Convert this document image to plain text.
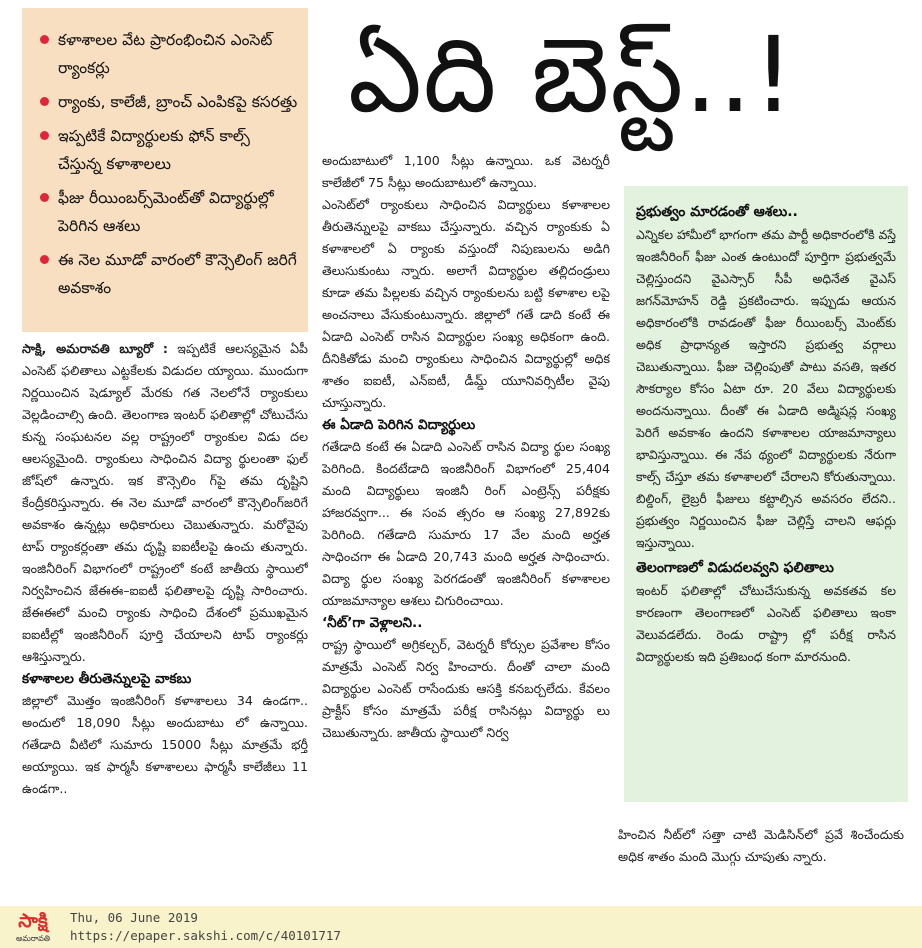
కళాశాలల వేట ప్రారంభించిన ఎంసెట్ ర్యాంకర్లు
ర్యాంకు, కాలేజీ, బ్రాంచ్ ఎంపికపై కసరత్తు
ఇప్పటికే విద్యార్థులకు ఫోన్ కాల్స్ చేస్తున్న కళాశాలలు
ఫీజు రీయింబర్స్‌మెంట్‌తో విద్యార్థుల్లో పెరిగిన ఆశలు
ఈ నెల మూడో వారంలో కౌన్సెలింగ్ జరిగే అవకాశం
ఏది బెస్ట్..!

సాక్షి, అమరావతి బ్యూరో : ఇప్పటికే ఆలస్యమైన ఏపీ ఎంసెట్ ఫలితాలు ఎట్టకేలకు విడుదల య్యాయి. ముందుగా నిర్ణయించిన షెడ్యూల్ మేరకు గత నెలలోనే ర్యాంకులు వెల్లడించాల్సి ఉంది. తెలంగాణ ఇంటర్ ఫలితాల్లో చోటుచేసు కున్న సంఘటనల వల్ల రాష్ట్రంలో ర్యాంకుల విడు దల ఆలస్యమైంది. ర్యాంకులు సాధించిన విద్యా ర్థులంతా ఫుల్ జోష్‌లో ఉన్నారు. ఇక కౌన్సెలిం గ్‌పై తమ దృష్టిని కేంద్రీకరిస్తున్నారు. ఈ నెల మూడో వారంలో కౌన్సెలింగ్‌జరిగే అవకాశం ఉన్నట్లు అధికారులు చెబుతున్నారు. మరోవైపు టాప్ ర్యాంకర్లంతా తమ దృష్టి ఐఐటీలపై ఉంచు తున్నారు. ఇంజినీరింగ్ విభాగంలో రాష్ట్రంలో కంటే జాతీయ స్థాయిలో నిర్వహించిన జేఈఈ–ఐఐటీ ఫలితాలపై దృష్టి సారించారు. జేఈఈలో మంచి ర్యాంకు సాధించి దేశంలో ప్రముఖమైన ఐఐటీల్లో ఇంజినీరింగ్ పూర్తి చేయాలని టాప్ ర్యాంకర్లు ఆశిస్తున్నారు.

కళాశాలల తీరుతెన్నులపై వాకబు

జిల్లాలో మొత్తం ఇంజినీరింగ్ కళాశాలలు 34 ఉండగా.. అందులో 18,090 సీట్లు అందుబాటు లో ఉన్నాయి. గతేడాది వీటిలో సుమారు 15000 సీట్లు మాత్రమే భర్తీ అయ్యాయి. ఇక ఫార్మసీ కళాశాలలు ఫార్మసీ కాలేజీలు 11 ఉండగా..

అందుబాటులో 1,100 సీట్లు ఉన్నాయి. ఒక వెటర్నరీ కాలేజీలో 75 సీట్లు అందుబాటులో ఉన్నాయి.

ఎంసెట్‌లో ర్యాంకులు సాధించిన విద్యార్థులు కళాశాలల తీరుతెన్నులపై వాకబు చేస్తున్నారు. వచ్చిన ర్యాంకుకు ఏ కళాశాలలో ఏ ర్యాంకు వస్తుందో నిపుణులను అడిగి తెలుసుకుంటు న్నారు. అలాగే విద్యార్థుల తల్లిదండ్రులు కూడా తమ పిల్లలకు వచ్చిన ర్యాంకులను బట్టి కళాశాల లపై అంచనాలు వేసుకుంటున్నారు. జిల్లాలో గతే డాది కంటే ఈ ఏడాది ఎంసెట్ రాసిన విద్యార్థుల సంఖ్య అధికంగా ఉంది. దీనికితోడు మంచి ర్యాంకులు సాధించిన విద్యార్థుల్లో అధిక శాతం ఐఐటీ, ఎన్ఐటీ, డీమ్డ్ యూనివర్సిటీల వైపు చూస్తున్నారు.

ఈ ఏడాది పెరిగిన విద్యార్థులు

గతేడాది కంటే ఈ ఏడాది ఎంసెట్ రాసిన విద్యా ర్థుల సంఖ్య పెరిగింది. కిందటేడాది ఇంజినీరింగ్ విభాగంలో 25,404 మంది విద్యార్థులు ఇంజినీ రింగ్ ఎంట్రెన్స్ పరీక్షకు హాజరవ్వగా... ఈ సంవ త్సరం ఆ సంఖ్య 27,892కు పెరిగింది. గతేడాది సుమారు 17 వేల మంది అర్హత సాధించగా ఈ ఏడాది 20,743 మంది అర్హత సాధించారు. విద్యా ర్థుల సంఖ్య పెరగడంతో ఇంజినీరింగ్ కళాశాలల యాజమాన్యాల ఆశలు చిగురించాయి.

‘నీట్’గా వెళ్లాలని..

రాష్ట్ర స్థాయిలో అగ్రికల్చర్, వెటర్నరీ కోర్సుల ప్రవేశాల కోసం మాత్రమే ఎంసెట్ నిర్వ హించారు. దీంతో చాలా మంది విద్యార్థుల ఎంసెట్ రాసేందుకు ఆసక్తి కనబర్చలేదు. కేవలం ప్రాక్టీస్ కోసం మాత్రమే పరీక్ష రాసినట్లు విద్యార్థు లు చెబుతున్నారు. జాతీయ స్థాయిలో నిర్వ

ప్రభుత్వం మారడంతో ఆశలు..
ఎన్నికల హామీలో భాగంగా తమ పార్టీ అధికారంలోకి వస్తే ఇంజినీరింగ్ ఫీజు ఎంత ఉంటుందో పూర్తిగా ప్రభుత్వమే చెల్లిస్తుందని వైఎస్సార్ సీపీ అధినేత వైఎస్ జగన్‌మోహన్ రెడ్డి ప్రకటించారు. ఇప్పుడు ఆయన అధికారంలోకి రావడంతో ఫీజు రీయింబర్స్ మెంట్‌కు అధిక ప్రాధాన్యత ఇస్తారని ప్రభుత్వ వర్గాలు చెబుతున్నాయి. ఫీజు చెల్లింపుతో పాటు వసతి, ఇతర సౌకర్యాల కోసం ఏటా రూ. 20 వేలు విద్యార్థులకు అందనున్నాయి. దీంతో ఈ ఏడాది అడ్మిషన్ల సంఖ్య పెరిగే అవకాశం ఉందని కళాశాలల యాజమాన్యాలు భావిస్తున్నాయి. ఈ నేప థ్యంలో విద్యార్థులకు నేరుగా కాల్స్ చేస్తూ తమ కళాశాలలో చేరాలని కోరుతున్నాయి. బిల్డింగ్, లైబ్రరీ ఫీజులు కట్టాల్సిన అవసరం లేదని.. ప్రభుత్వం నిర్ణయించిన ఫీజు చెల్లిస్తే చాలని ఆఫర్లు ఇస్తున్నాయి.
తెలంగాణలో విడుదలవ్వని ఫలితాలు
ఇంటర్ ఫలితాల్లో చోటుచేసుకున్న అవకతవ కల కారణంగా తెలంగాణలో ఎంసెట్ ఫలితాలు ఇంకా వెలువడలేదు. రెండు రాష్ట్రా ల్లో పరీక్ష రాసిన విద్యార్థులకు ఇది ప్రతిబంధ కంగా మారనుంది.

హించిన నీట్‌లో సత్తా చాటి మెడిసిన్‌లో ప్రవే శించేందుకు అధిక శాతం మంది మొగ్గు చూపుతు న్నారు.

సాక్షి
అమరావతి
Thu, 06 June 2019
https://epaper.sakshi.com/c/40101717
